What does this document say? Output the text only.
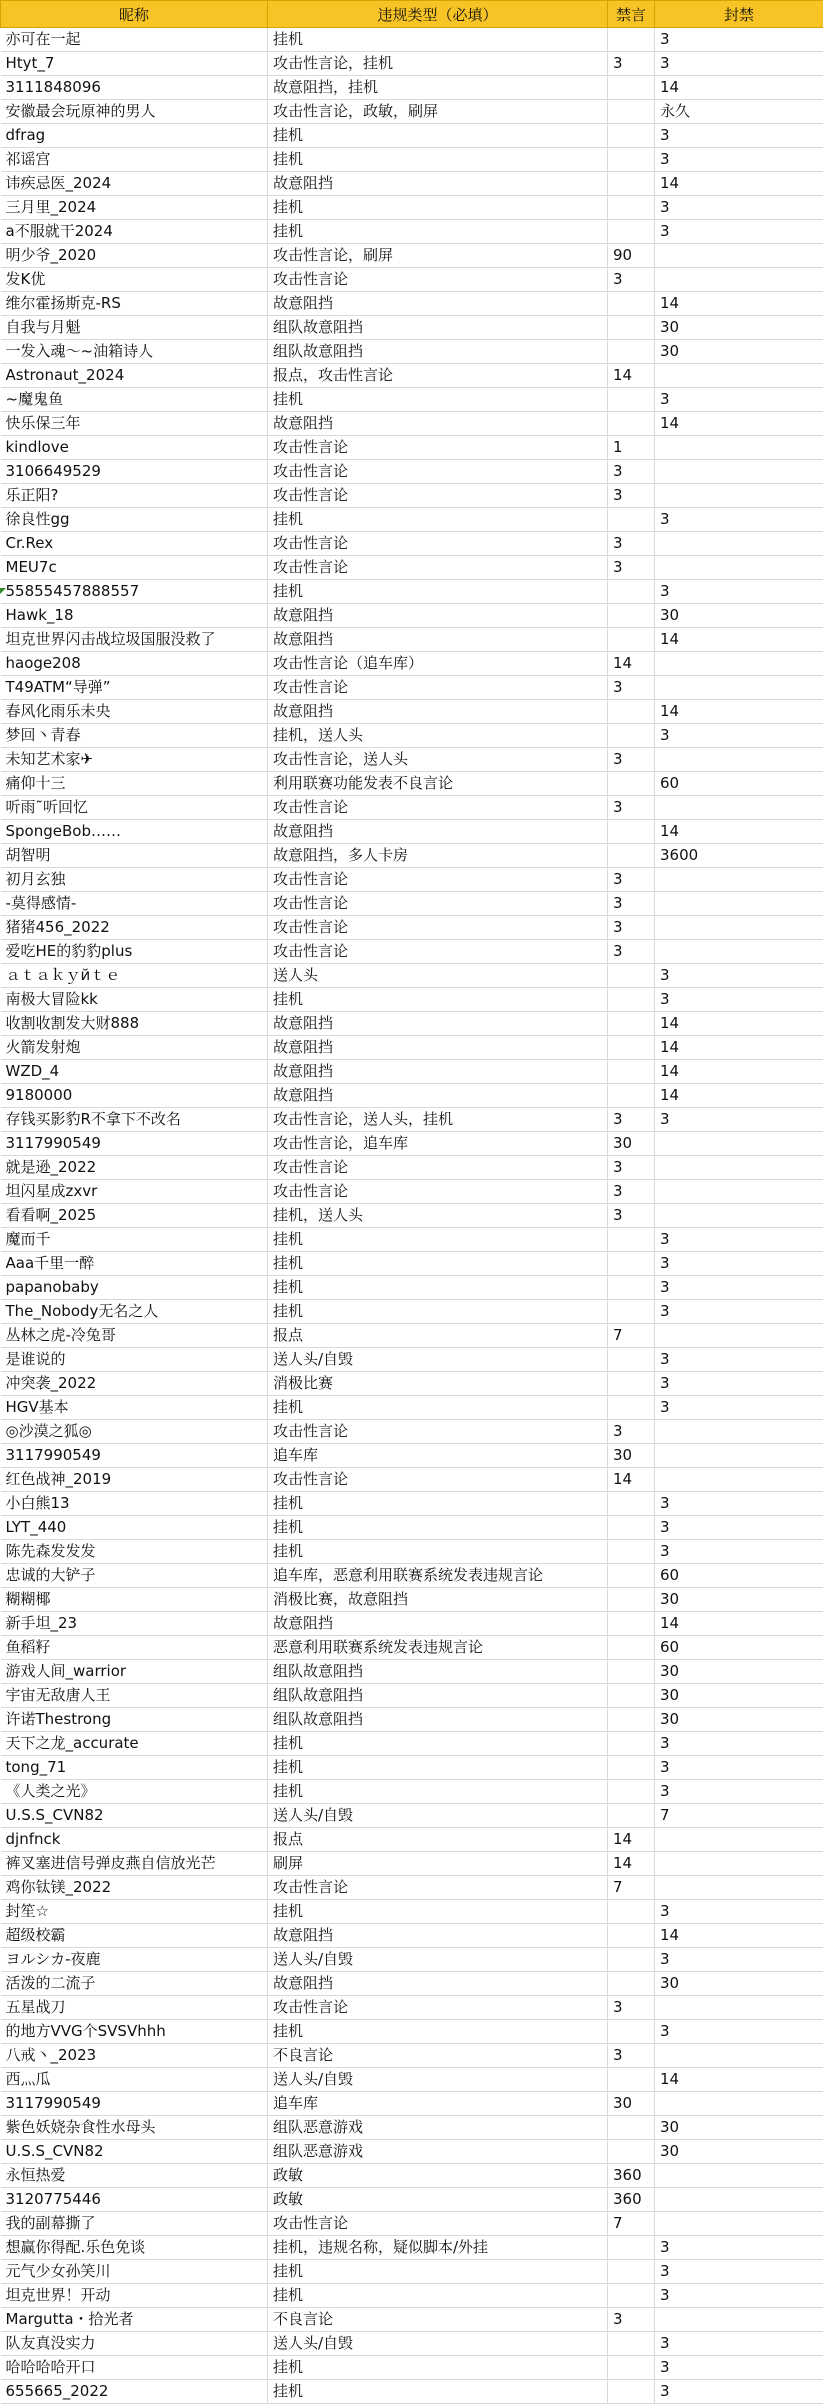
昵称	违规类型（必填）	禁言	封禁
亦可在一起	挂机		3
Htyt_7	攻击性言论，挂机	3	3
3111848096	故意阻挡，挂机		14
安徽最会玩原神的男人	攻击性言论，政敏，刷屏		永久
dfrag	挂机		3
祁谣宫	挂机		3
讳疾忌医_2024	故意阻挡		14
三月里_2024	挂机		3
a不服就干2024	挂机		3
明少爷_2020	攻击性言论，刷屏	90	
发K优	攻击性言论	3	
维尔霍扬斯克-RS	故意阻挡		14
自我与月魁	组队故意阻挡		30
一发入魂～~油箱诗人	组队故意阻挡		30
Astronaut_2024	报点，攻击性言论	14	
~魔鬼鱼	挂机		3
快乐保三年	故意阻挡		14
kindlove	攻击性言论	1	
3106649529	攻击性言论	3	
乐正阳?	攻击性言论	3	
徐良性gg	挂机		3
Cr.Rex	攻击性言论	3	
MEU7c	攻击性言论	3	
55855457888557	挂机		3
Hawk_18	故意阻挡		30
坦克世界闪击战垃圾国服没救了	故意阻挡		14
haoge208	攻击性言论（追车库）	14	
T49ATM“导弹”	攻击性言论	3	
春风化雨乐未央	故意阻挡		14
梦回丶青春	挂机，送人头		3
未知艺术家✈	攻击性言论，送人头	3	
痛仰十三	利用联赛功能发表不良言论		60
听雨˜听回忆	攻击性言论	3	
SpongeBob……	故意阻挡		14
胡智明	故意阻挡，多人卡房		3600
初月玄独	攻击性言论	3	
-莫得感情-	攻击性言论	3	
猪猪456_2022	攻击性言论	3	
爱吃HE的豹豹plus	攻击性言论	3	
ａｔａｋｙйｔｅ	送人头		3
南极大冒险kk	挂机		3
收割收割发大财888	故意阻挡		14
火箭发射炮	故意阻挡		14
WZD_4	故意阻挡		14
9180000	故意阻挡		14
存钱买影豹R不拿下不改名	攻击性言论，送人头，挂机	3	3
3117990549	攻击性言论，追车库	30	
就是逊_2022	攻击性言论	3	
坦闪星成zxvr	攻击性言论	3	
看看啊_2025	挂机，送人头	3	
魔而千	挂机		3
Aaa千里一醉	挂机		3
papanobaby	挂机		3
The_Nobody无名之人	挂机		3
丛林之虎-冷兔哥	报点	7	
是谁说的	送人头/自毁		3
冲突袭_2022	消极比赛		3
HGV基本	挂机		3
◎沙漠之狐◎	攻击性言论	3	
3117990549	追车库	30	
红色战神_2019	攻击性言论	14	
小白熊13	挂机		3
LYT_440	挂机		3
陈先森发发发	挂机		3
忠诚的大铲子	追车库，恶意利用联赛系统发表违规言论		60
糊糊椰	消极比赛，故意阻挡		30
新手坦_23	故意阻挡		14
鱼稻籽	恶意利用联赛系统发表违规言论		60
游戏人间_warrior	组队故意阻挡		30
宇宙无敌唐人王	组队故意阻挡		30
许诺Thestrong	组队故意阻挡		30
天下之龙_accurate	挂机		3
tong_71	挂机		3
《人类之光》	挂机		3
U.S.S_CVN82	送人头/自毁		7
djnfnck	报点	14	
裤叉塞进信号弹皮燕自信放光芒	刷屏	14	
鸡你钛镁_2022	攻击性言论	7	
封笙☆	挂机		3
超级校霸	故意阻挡		14
ヨルシカ-夜鹿	送人头/自毁		3
活泼的二流子	故意阻挡		30
五星战刀	攻击性言论	3	
的地方VVG个SVSVhhh	挂机		3
八戒丶_2023	不良言论	3	
西灬瓜	送人头/自毁		14
3117990549	追车库	30	
紫色妖娆杂食性水母头	组队恶意游戏		30
U.S.S_CVN82	组队恶意游戏		30
永恒热爱	政敏	360	
3120775446	政敏	360	
我的副幕撕了	攻击性言论	7	
想赢你得配.乐色免谈	挂机，违规名称，疑似脚本/外挂		3
元气少女孙笑川	挂机		3
坦克世界！开动	挂机		3
Margutta・拾光者	不良言论	3	
队友真没实力	送人头/自毁		3
哈哈哈哈开口	挂机		3
655665_2022	挂机		3
